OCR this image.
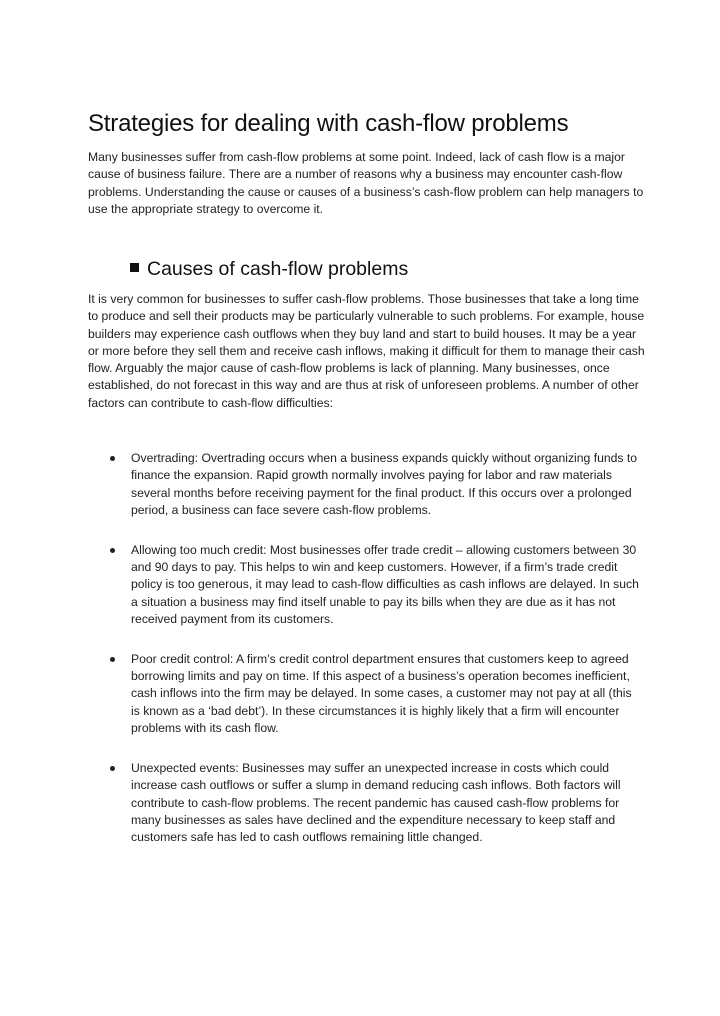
Strategies for dealing with cash-flow problems

Many businesses suffer from cash-flow problems at some point. Indeed, lack of cash flow is a major cause of business failure. There are a number of reasons why a business may encounter cash-flow problems. Understanding the cause or causes of a business’s cash-flow problem can help managers to use the appropriate strategy to overcome it.

Causes of cash-flow problems

It is very common for businesses to suffer cash-flow problems. Those businesses that take a long time to produce and sell their products may be particularly vulnerable to such problems. For example, house builders may experience cash outflows when they buy land and start to build houses. It may be a year or more before they sell them and receive cash inflows, making it difficult for them to manage their cash flow. Arguably the major cause of cash-flow problems is lack of planning. Many businesses, once established, do not forecast in this way and are thus at risk of unforeseen problems. A number of other factors can contribute to cash-flow difficulties:

Overtrading: Overtrading occurs when a business expands quickly without organizing funds to finance the expansion. Rapid growth normally involves paying for labor and raw materials several months before receiving payment for the final product. If this occurs over a prolonged period, a business can face severe cash-flow problems.
Allowing too much credit: Most businesses offer trade credit – allowing customers between 30 and 90 days to pay. This helps to win and keep customers. However, if a firm’s trade credit policy is too generous, it may lead to cash-flow difficulties as cash inflows are delayed. In such a situation a business may find itself unable to pay its bills when they are due as it has not received payment from its customers.
Poor credit control: A firm’s credit control department ensures that customers keep to agreed borrowing limits and pay on time. If this aspect of a business’s operation becomes inefficient, cash inflows into the firm may be delayed. In some cases, a customer may not pay at all (this is known as a ‘bad debt’). In these circumstances it is highly likely that a firm will encounter problems with its cash flow.
Unexpected events: Businesses may suffer an unexpected increase in costs which could increase cash outflows or suffer a slump in demand reducing cash inflows. Both factors will contribute to cash-flow problems. The recent pandemic has caused cash-flow problems for many businesses as sales have declined and the expenditure necessary to keep staff and customers safe has led to cash outflows remaining little changed.
